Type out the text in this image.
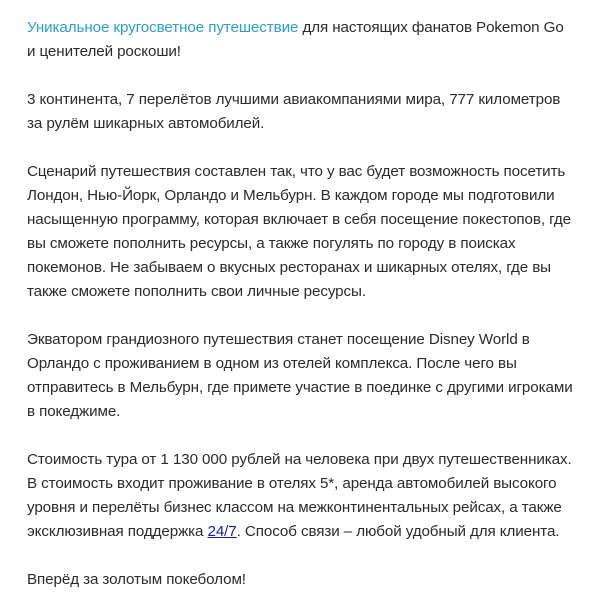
Уникальное кругосветное путешествие для настоящих фанатов Pokemon Go и ценителей роскоши!

3 континента, 7 перелётов лучшими авиакомпаниями мира, 777 километров за рулём шикарных автомобилей.

Сценарий путешествия составлен так, что у вас будет возможность посетить Лондон, Нью-Йорк, Орландо и Мельбурн. В каждом городе мы подготовили насыщенную программу, которая включает в себя посещение покестопов, где вы сможете пополнить ресурсы, а также погулять по городу в поисках покемонов. Не забываем о вкусных ресторанах и шикарных отелях, где вы также сможете пополнить свои личные ресурсы.

Экватором грандиозного путешествия станет посещение Disney World в Орландо с проживанием в одном из отелей комплекса. После чего вы отправитесь в Мельбурн, где примете участие в поединке с другими игроками в покеджиме.

Стоимость тура от 1 130 000 рублей на человека при двух путешественниках. В стоимость входит проживание в отелях 5*, аренда автомобилей высокого уровня и перелёты бизнес классом на межконтинентальных рейсах, а также эксклюзивная поддержка 24/7. Способ связи – любой удобный для клиента.

Вперёд за золотым покеболом!
